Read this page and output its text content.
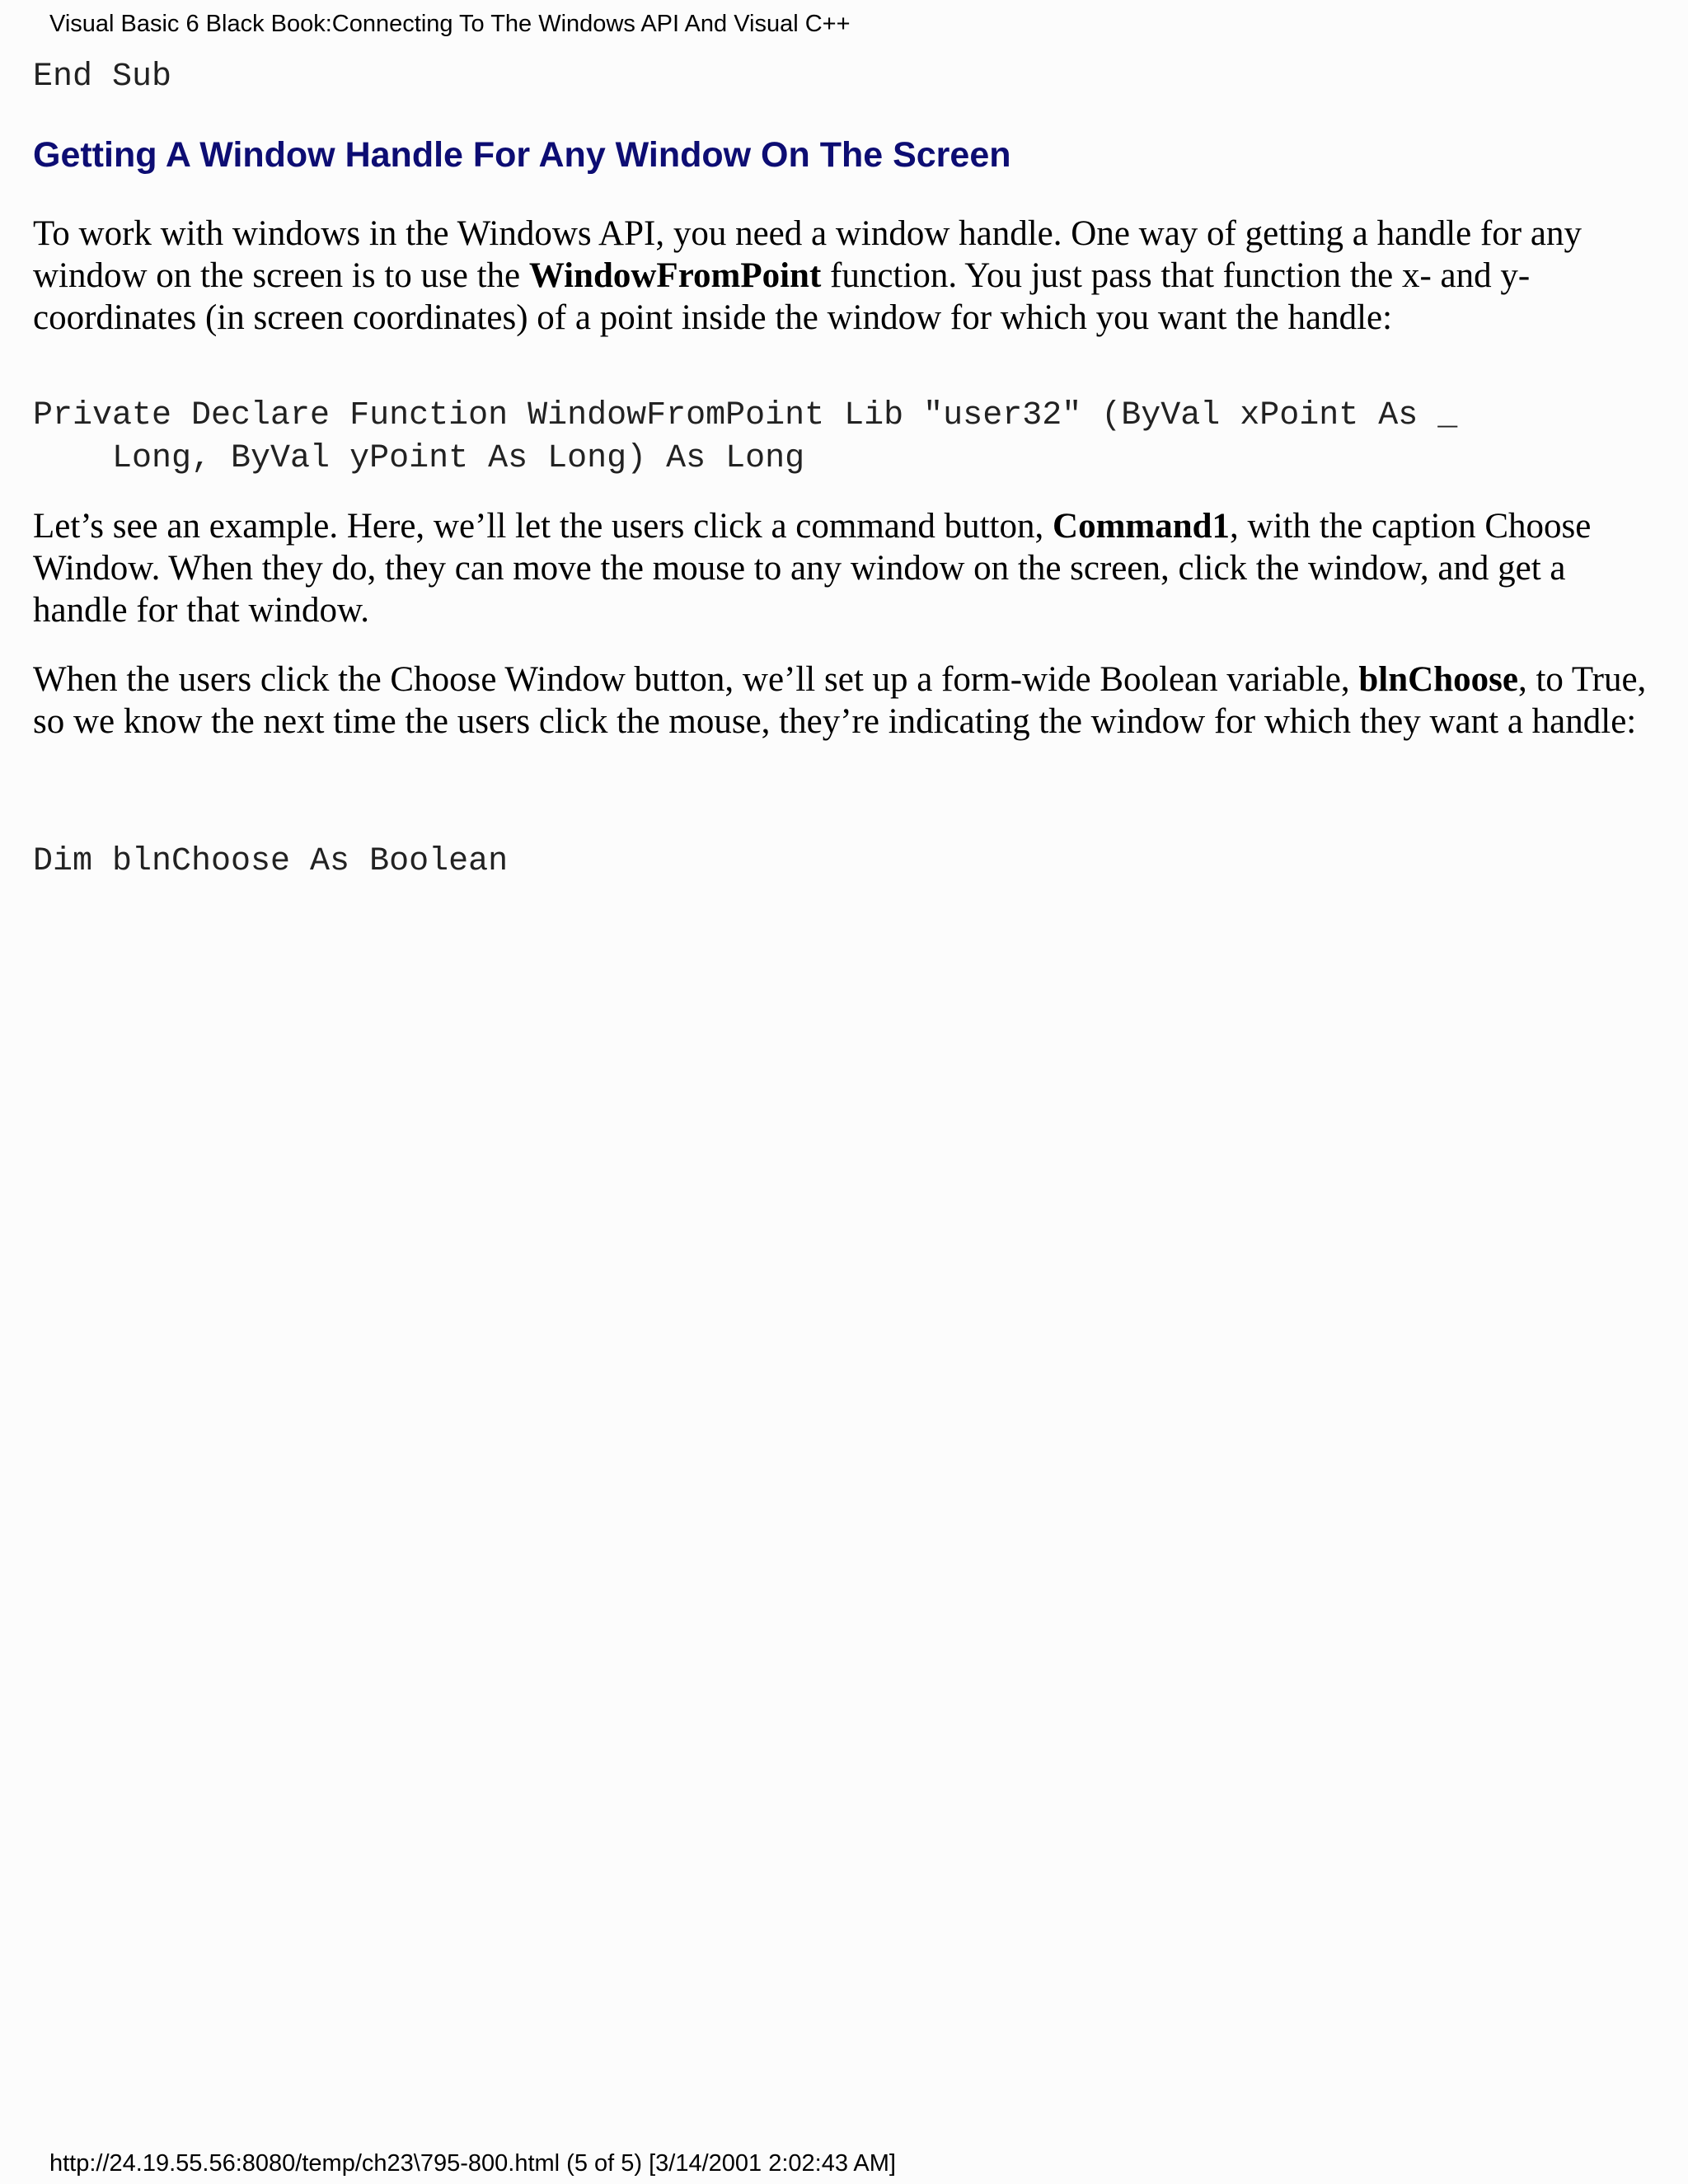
Visual Basic 6 Black Book:Connecting To The Windows API And Visual C++
End Sub
Getting A Window Handle For Any Window On The Screen

To work with windows in the Windows API, you need a window handle. One way of getting a handle for any window on the screen is to use the WindowFromPoint function. You just pass that function the x- and y-coordinates (in screen coordinates) of a point inside the window for which you want the handle:

Private Declare Function WindowFromPoint Lib "user32" (ByVal xPoint As _
Long, ByVal yPoint As Long) As Long

Let’s see an example. Here, we’ll let the users click a command button, Command1, with the caption Choose Window. When they do, they can move the mouse to any window on the screen, click the window, and get a handle for that window.

When the users click the Choose Window button, we’ll set up a form-wide Boolean variable, blnChoose, to True, so we know the next time the users click the mouse, they’re indicating the window for which they want a handle:

Dim blnChoose As Boolean
http://24.19.55.56:8080/temp/ch23\795-800.html (5 of 5) [3/14/2001 2:02:43 AM]
